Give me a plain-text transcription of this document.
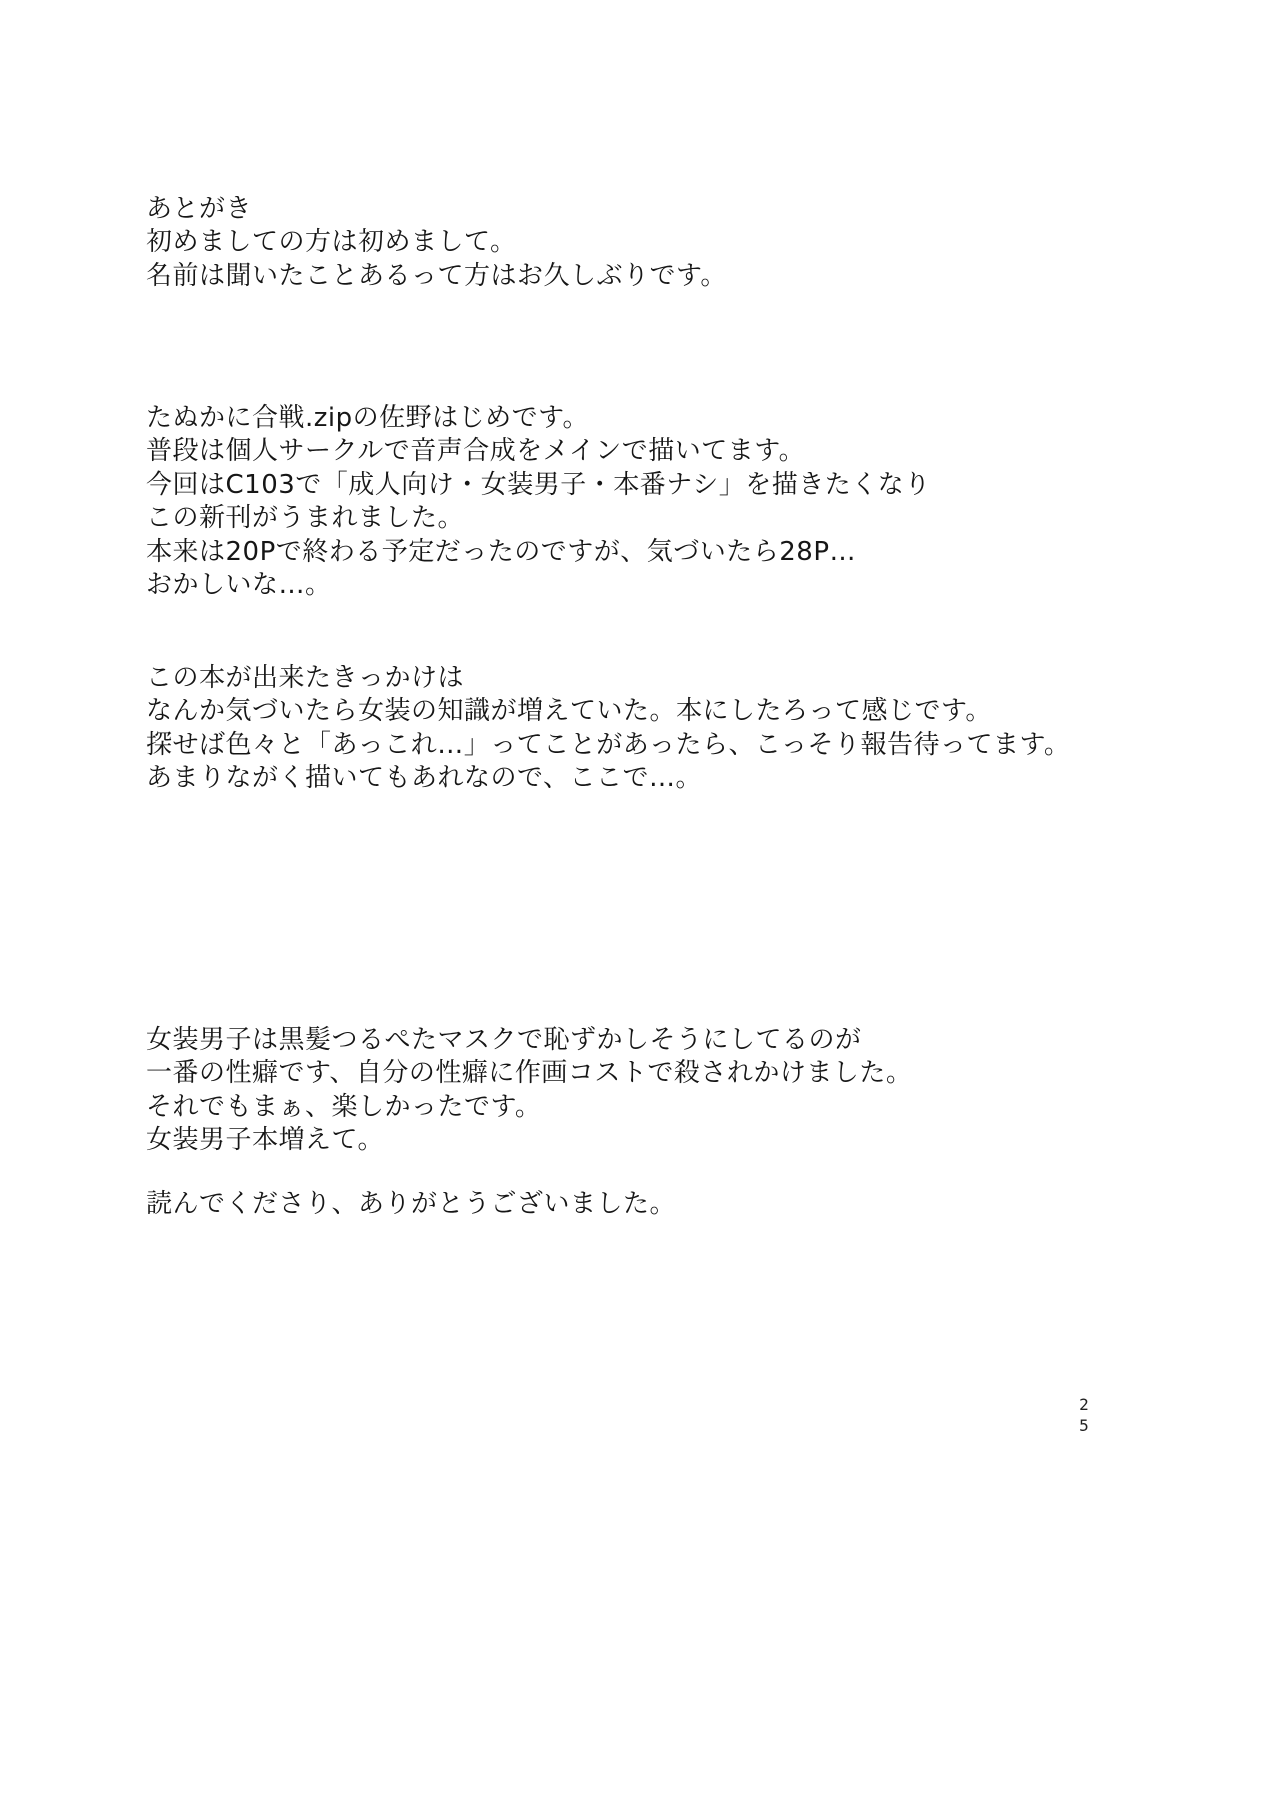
あとがき
初めましての方は初めまして。
名前は聞いたことあるって方はお久しぶりです。
たぬかに合戦.zipの佐野はじめです。
普段は個人サークルで音声合成をメインで描いてます。
今回はC103で「成人向け・女装男子・本番ナシ」を描きたくなり
この新刊がうまれました。
本来は20Pで終わる予定だったのですが、気づいたら28P…
おかしいな…。
この本が出来たきっかけは
なんか気づいたら女装の知識が増えていた。本にしたろって感じです。
探せば色々と「あっこれ…」ってことがあったら、こっそり報告待ってます。
あまりながく描いてもあれなので、ここで…。
女装男子は黒髪つるぺたマスクで恥ずかしそうにしてるのが
一番の性癖です、自分の性癖に作画コストで殺されかけました。
それでもまぁ、楽しかったです。
女装男子本増えて。
読んでくださり、ありがとうございました。
2
5
